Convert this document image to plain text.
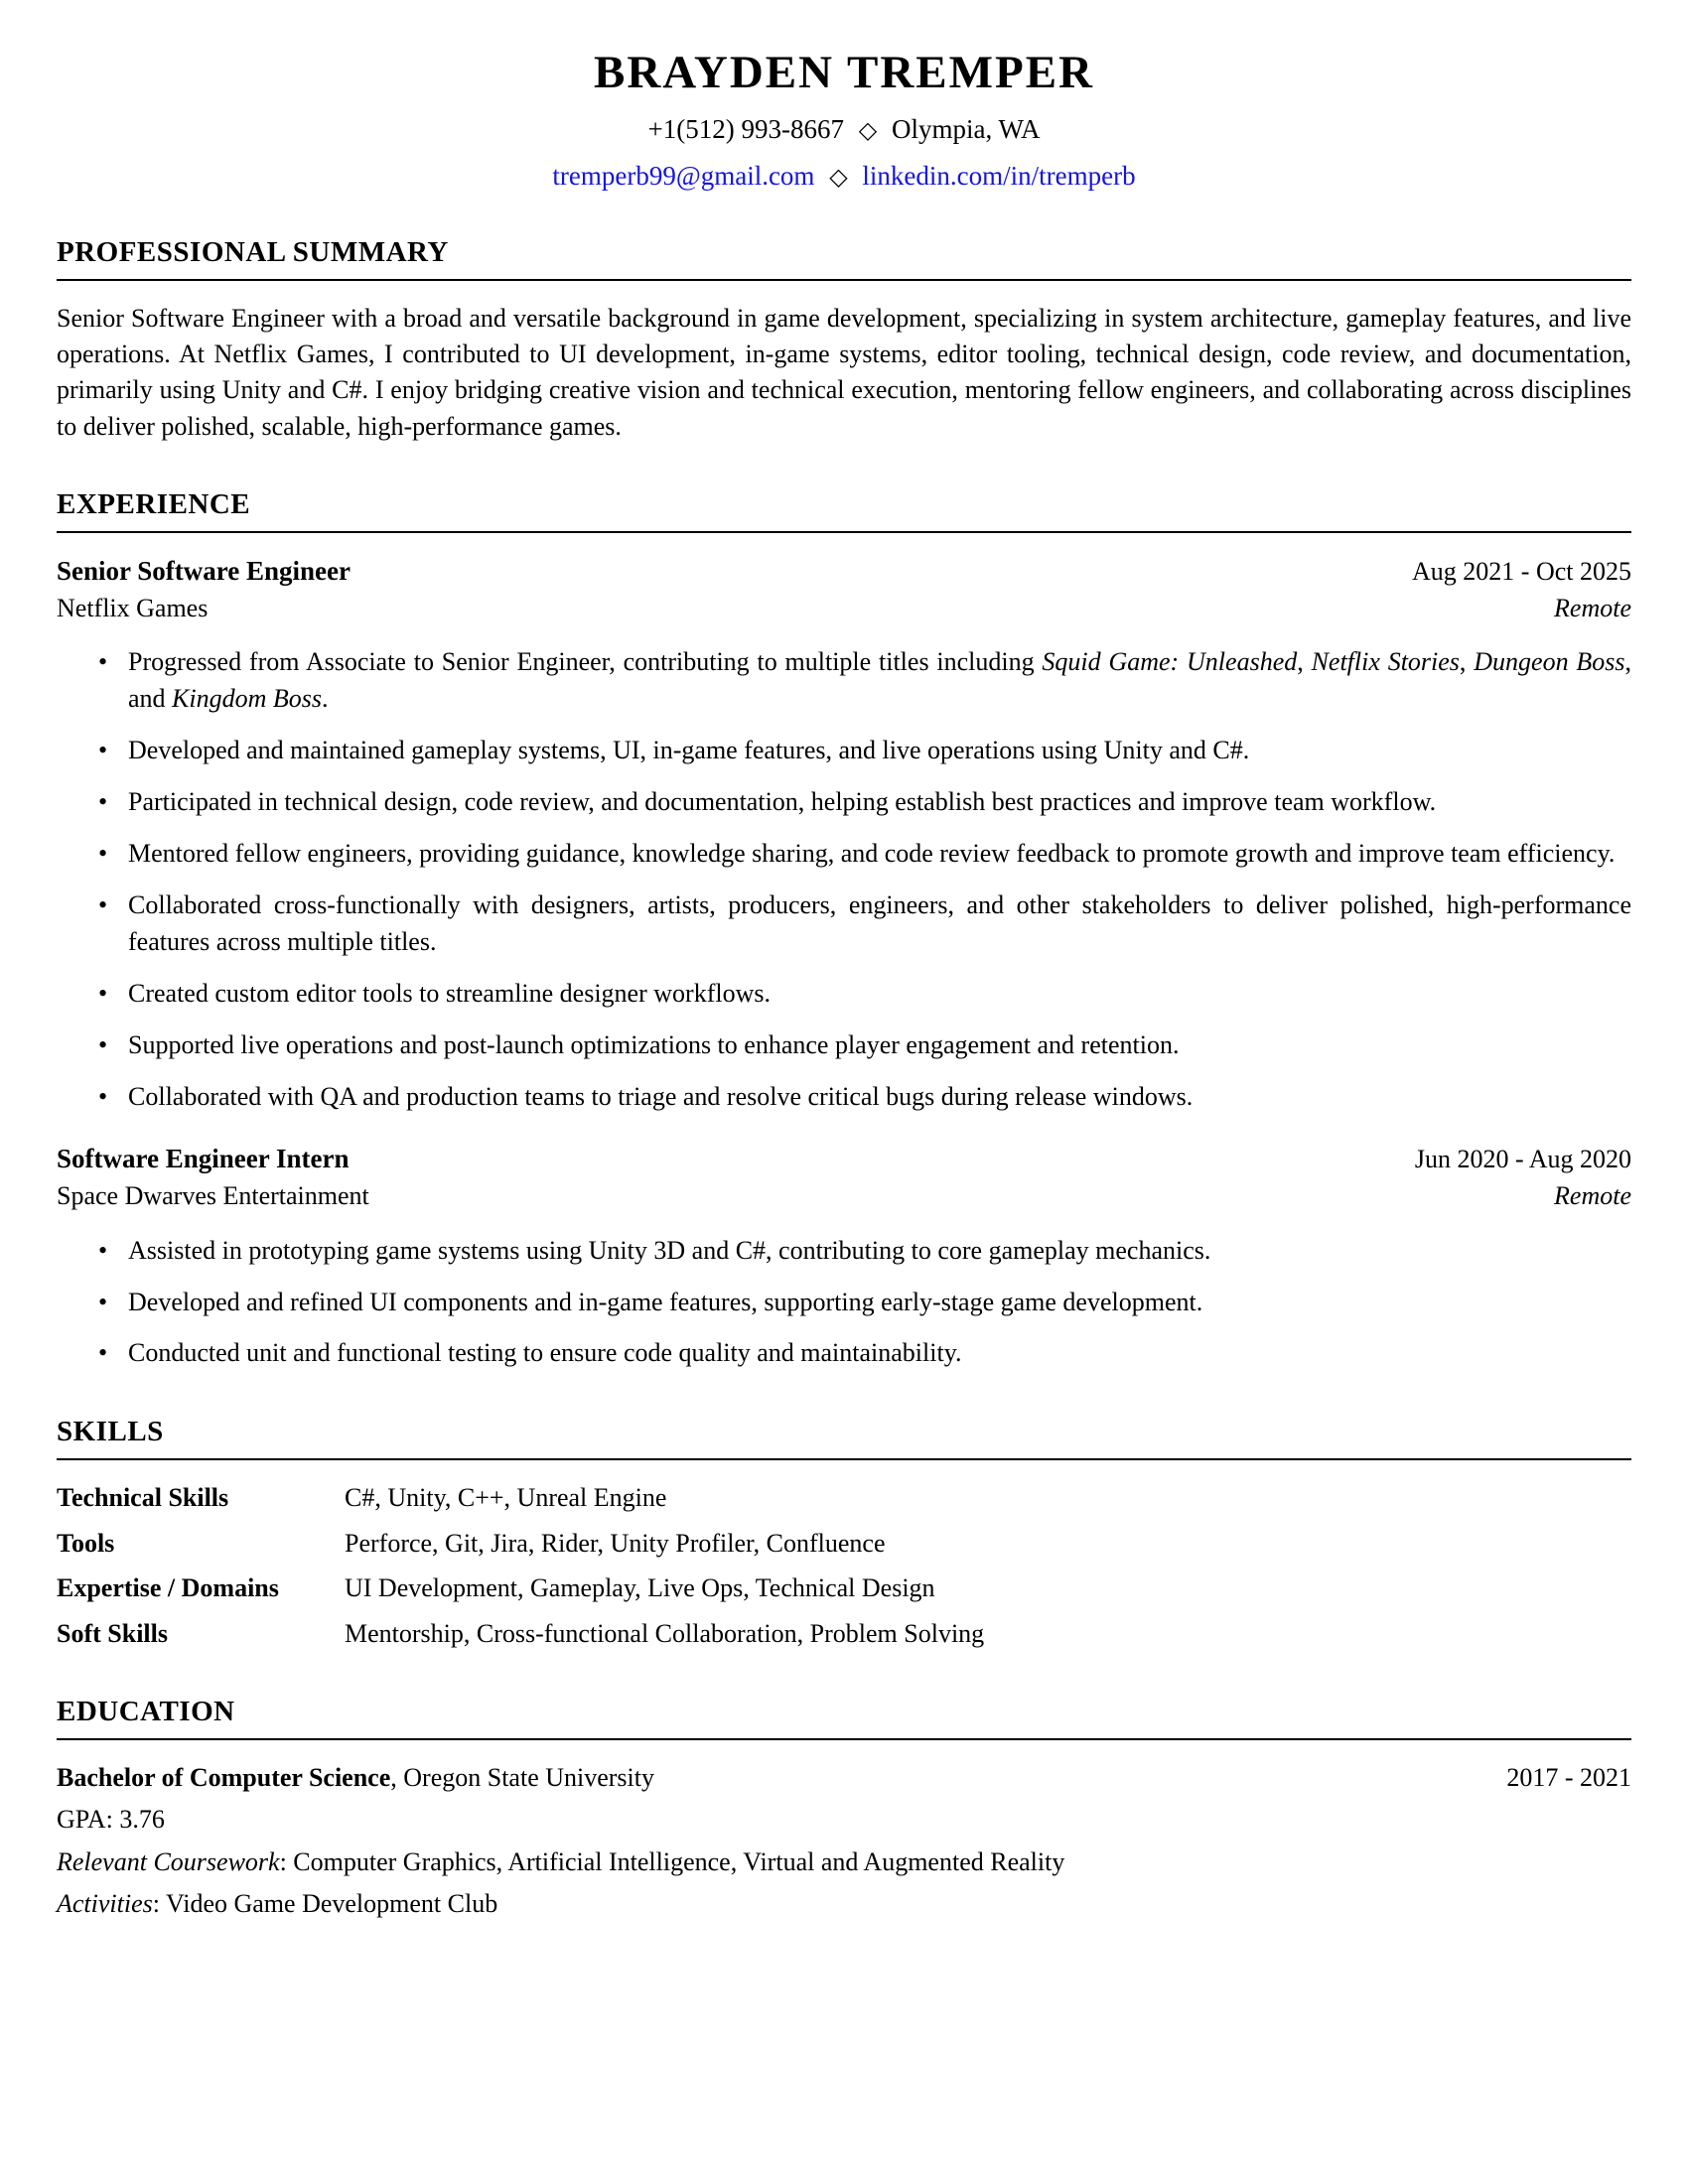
BRAYDEN TREMPER
+1(512) 993-8667 ◇ Olympia, WA
tremperb99@gmail.com ◇ linkedin.com/in/tremperb
PROFESSIONAL SUMMARY

Senior Software Engineer with a broad and versatile background in game development, specializing in system architecture, gameplay features, and live operations. At Netflix Games, I contributed to UI development, in-game systems, editor tooling, technical design, code review, and documentation, primarily using Unity and C#. I enjoy bridging creative vision and technical execution, mentoring fellow engineers, and collaborating across disciplines to deliver polished, scalable, high-performance games.

EXPERIENCE
Senior Software Engineer	Aug 2021 - Oct 2025
Netflix Games	Remote
• Progressed from Associate to Senior Engineer, contributing to multiple titles including Squid Game: Unleashed, Netflix Stories, Dungeon Boss, and Kingdom Boss.
• Developed and maintained gameplay systems, UI, in-game features, and live operations using Unity and C#.
• Participated in technical design, code review, and documentation, helping establish best practices and improve team workflow.
• Mentored fellow engineers, providing guidance, knowledge sharing, and code review feedback to promote growth and improve team efficiency.
• Collaborated cross-functionally with designers, artists, producers, engineers, and other stakeholders to deliver polished, high-performance features across multiple titles.
• Created custom editor tools to streamline designer workflows.
• Supported live operations and post-launch optimizations to enhance player engagement and retention.
• Collaborated with QA and production teams to triage and resolve critical bugs during release windows.
Software Engineer Intern	Jun 2020 - Aug 2020
Space Dwarves Entertainment	Remote
• Assisted in prototyping game systems using Unity 3D and C#, contributing to core gameplay mechanics.
• Developed and refined UI components and in-game features, supporting early-stage game development.
• Conducted unit and functional testing to ensure code quality and maintainability.
SKILLS
Technical Skills	C#, Unity, C++, Unreal Engine
Tools	Perforce, Git, Jira, Rider, Unity Profiler, Confluence
Expertise / Domains	UI Development, Gameplay, Live Ops, Technical Design
Soft Skills	Mentorship, Cross-functional Collaboration, Problem Solving
EDUCATION
Bachelor of Computer Science, Oregon State University	2017 - 2021
GPA: 3.76
Relevant Coursework: Computer Graphics, Artificial Intelligence, Virtual and Augmented Reality
Activities: Video Game Development Club
